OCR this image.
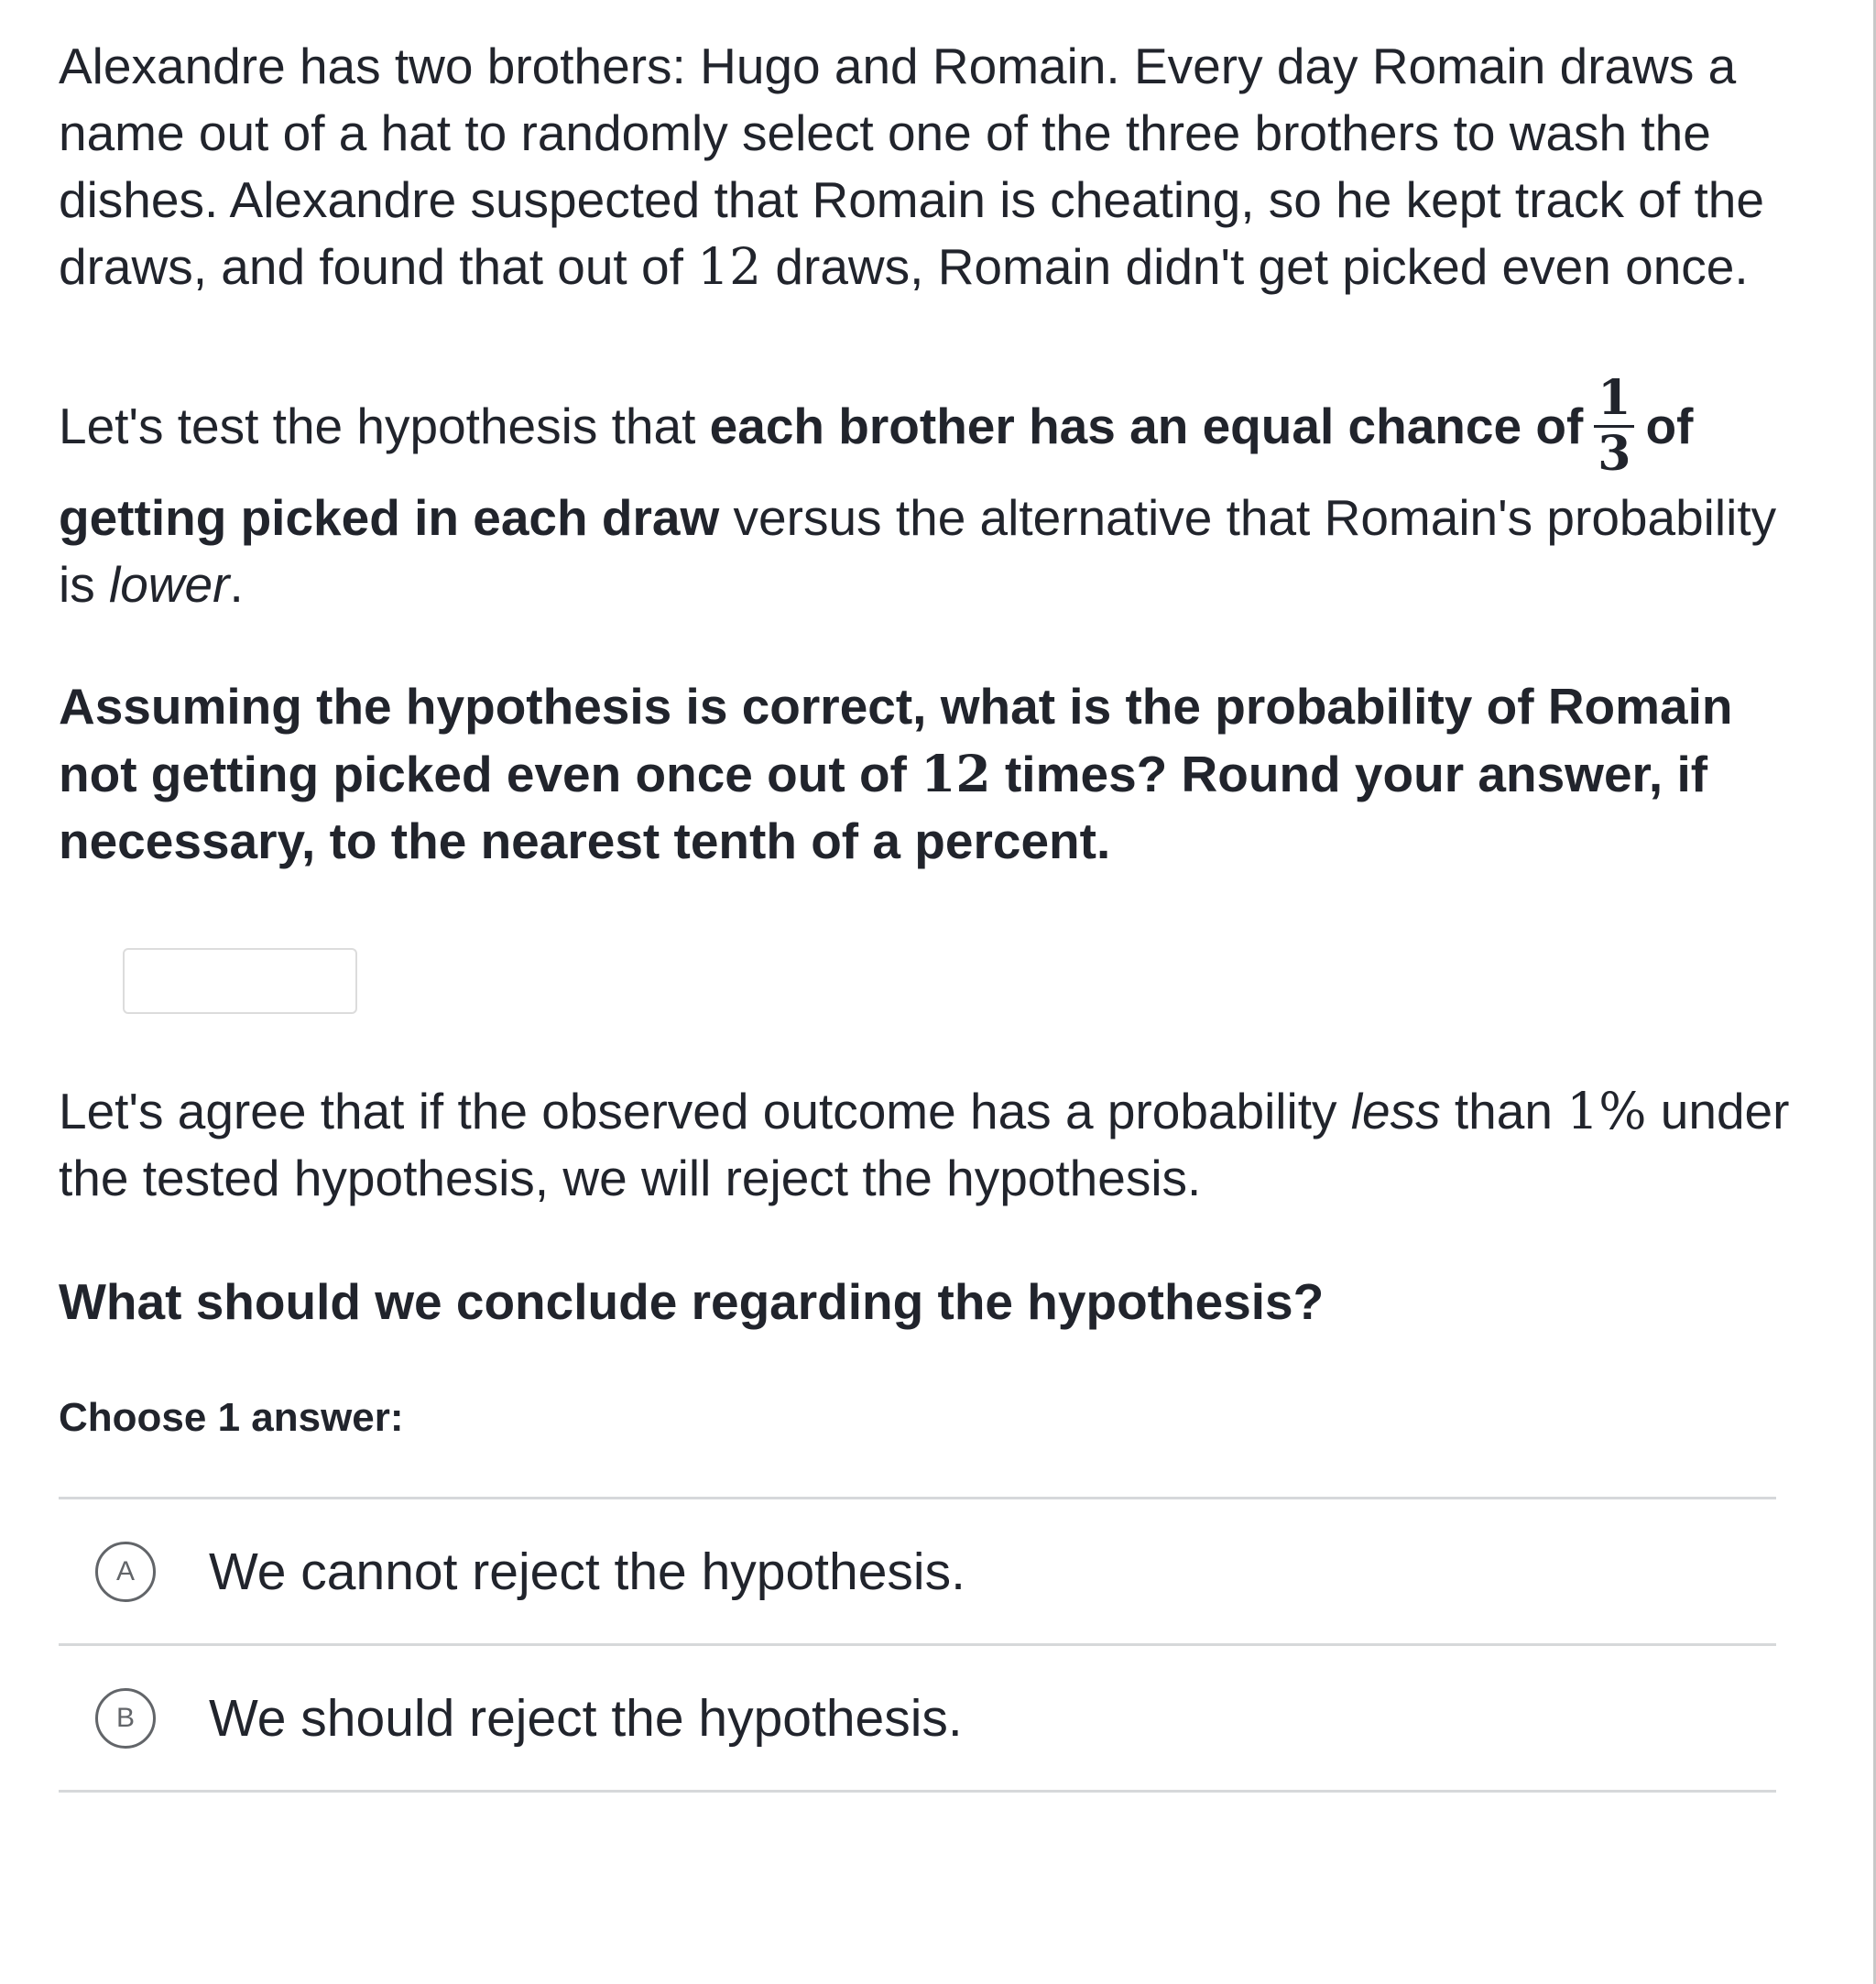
Alexandre has two brothers: Hugo and Romain. Every day Romain draws a name out of a hat to randomly select one of the three brothers to wash the dishes. Alexandre suspected that Romain is cheating, so he kept track of the draws, and found that out of 12 draws, Romain didn't get picked even once.

Let's test the hypothesis that each brother has an equal chance of $\frac{1}{3}$ of
getting picked in each draw versus the alternative that Romain's probability is lower.

Assuming the hypothesis is correct, what is the probability of Romain not getting picked even once out of 12 times? Round your answer, if necessary, to the nearest tenth of a percent.

Let's agree that if the observed outcome has a probability less than 1% under the tested hypothesis, we will reject the hypothesis.

What should we conclude regarding the hypothesis?

Choose 1 answer:

A	We cannot reject the hypothesis.
B	We should reject the hypothesis.
